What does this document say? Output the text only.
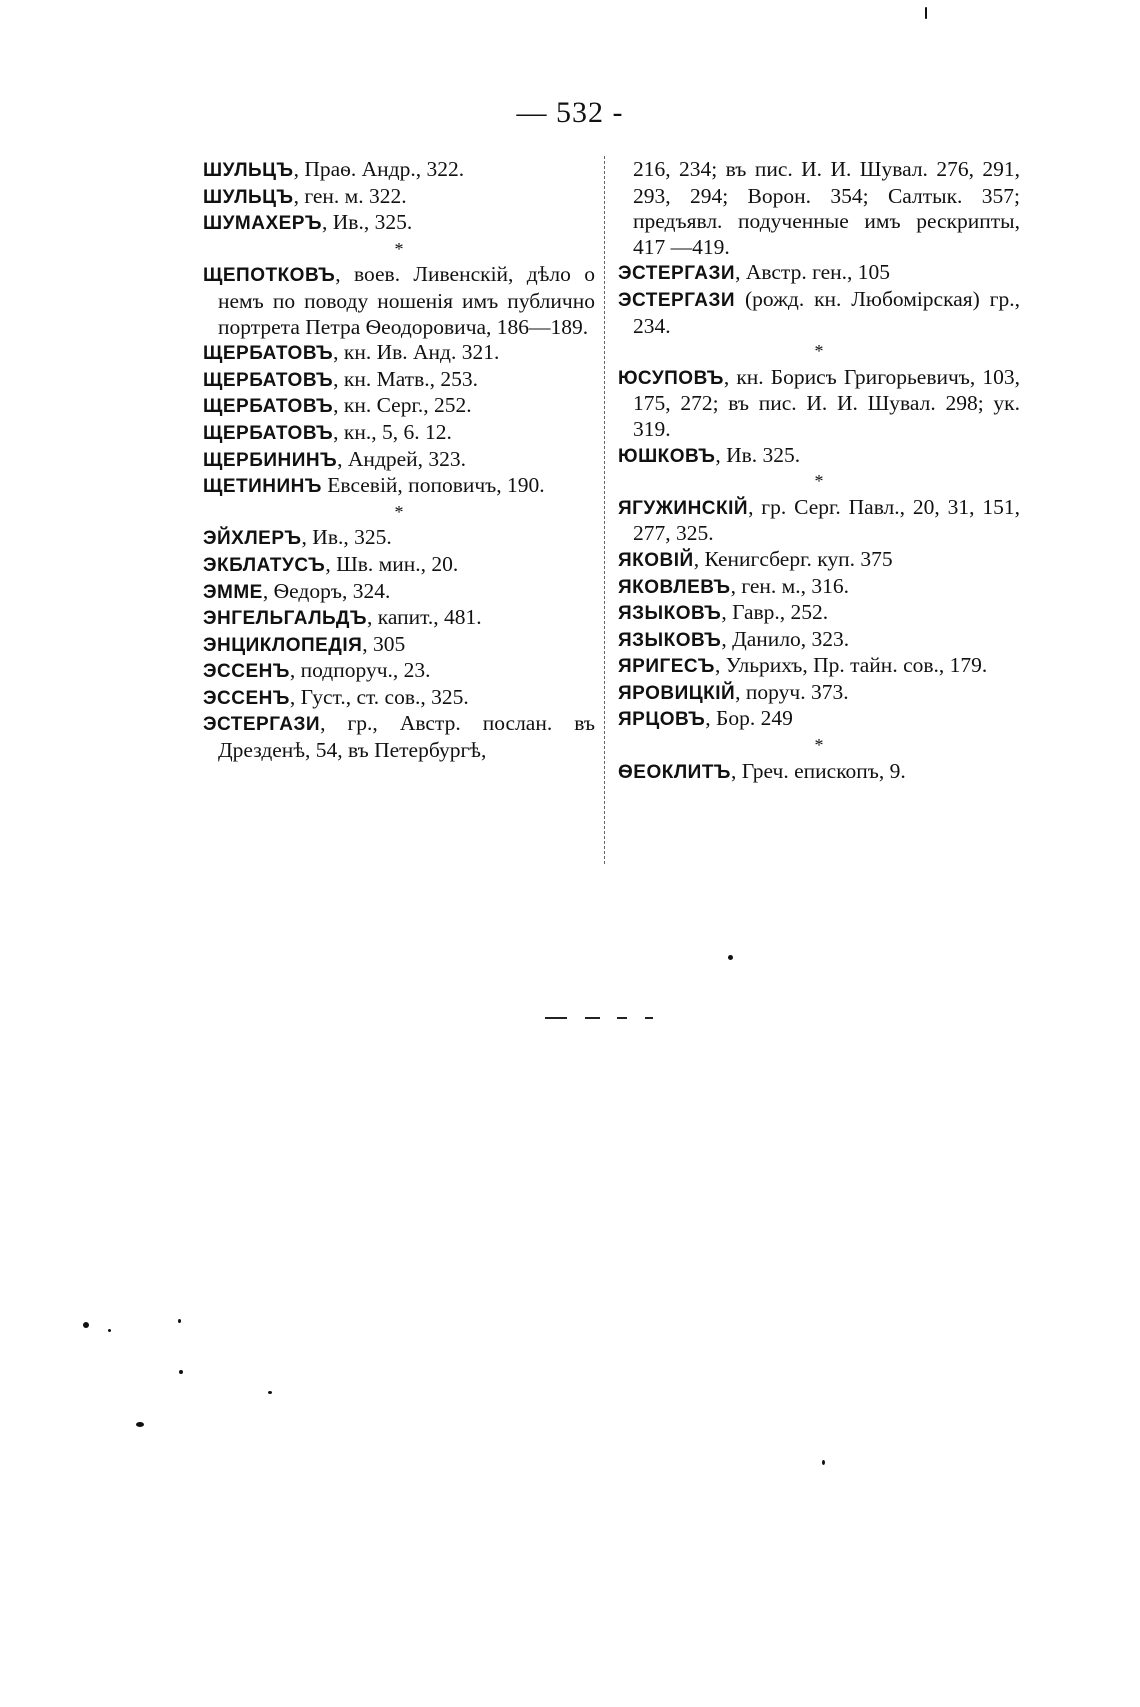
— 532 -
ШУЛЬЦЪ, Праѳ. Андр., 322.
ШУЛЬЦЪ, ген. м. 322.
ШУМАХЕРЪ, Ив., 325.
*
ЩЕПОТКОВЪ, воев. Ливенскій, дѣло о немъ по поводу ношенія имъ публично портрета Петра Ѳеодоровича, 186—189.
ЩЕРБАТОВЪ, кн. Ив. Анд. 321.
ЩЕРБАТОВЪ, кн. Матв., 253.
ЩЕРБАТОВЪ, кн. Серг., 252.
ЩЕРБАТОВЪ, кн., 5, 6. 12.
ЩЕРБИНИНЪ, Андрей, 323.
ЩЕТИНИНЪ Евсевій, поповичъ, 190.
*
ЭЙХЛЕРЪ, Ив., 325.
ЭКБЛАТУСЪ, Шв. мин., 20.
ЭММЕ, Ѳедоръ, 324.
ЭНГЕЛЬГАЛЬДЪ, капит., 481.
ЭНЦИКЛОПЕДІЯ, 305
ЭССЕНЪ, подпоруч., 23.
ЭССЕНЪ, Густ., ст. сов., 325.
ЭСТЕРГАЗИ, гр., Австр. послан. въ Дрезденѣ, 54, въ Петербургѣ,
216, 234; въ пис. И. И. Шувал. 276, 291, 293, 294; Ворон. 354; Салтык. 357; предъявл. подученные имъ рескрипты, 417 —419.
ЭСТЕРГАЗИ, Австр. ген., 105
ЭСТЕРГАЗИ (рожд. кн. Любомірская) гр., 234.
*
ЮСУПОВЪ, кн. Борисъ Григорьевичъ, 103, 175, 272; въ пис. И. И. Шувал. 298; ук. 319.
ЮШКОВЪ, Ив. 325.
*
ЯГУЖИНСКІЙ, гр. Серг. Павл., 20, 31, 151, 277, 325.
ЯКОВІЙ, Кенигсберг. куп. 375
ЯКОВЛЕВЪ, ген. м., 316.
ЯЗЫКОВЪ, Гавр., 252.
ЯЗЫКОВЪ, Данило, 323.
ЯРИГЕСЪ, Ульрихъ, Пр. тайн. сов., 179.
ЯРОВИЦКІЙ, поруч. 373.
ЯРЦОВЪ, Бор. 249
*
ѲЕОКЛИТЪ, Греч. епископъ, 9.
